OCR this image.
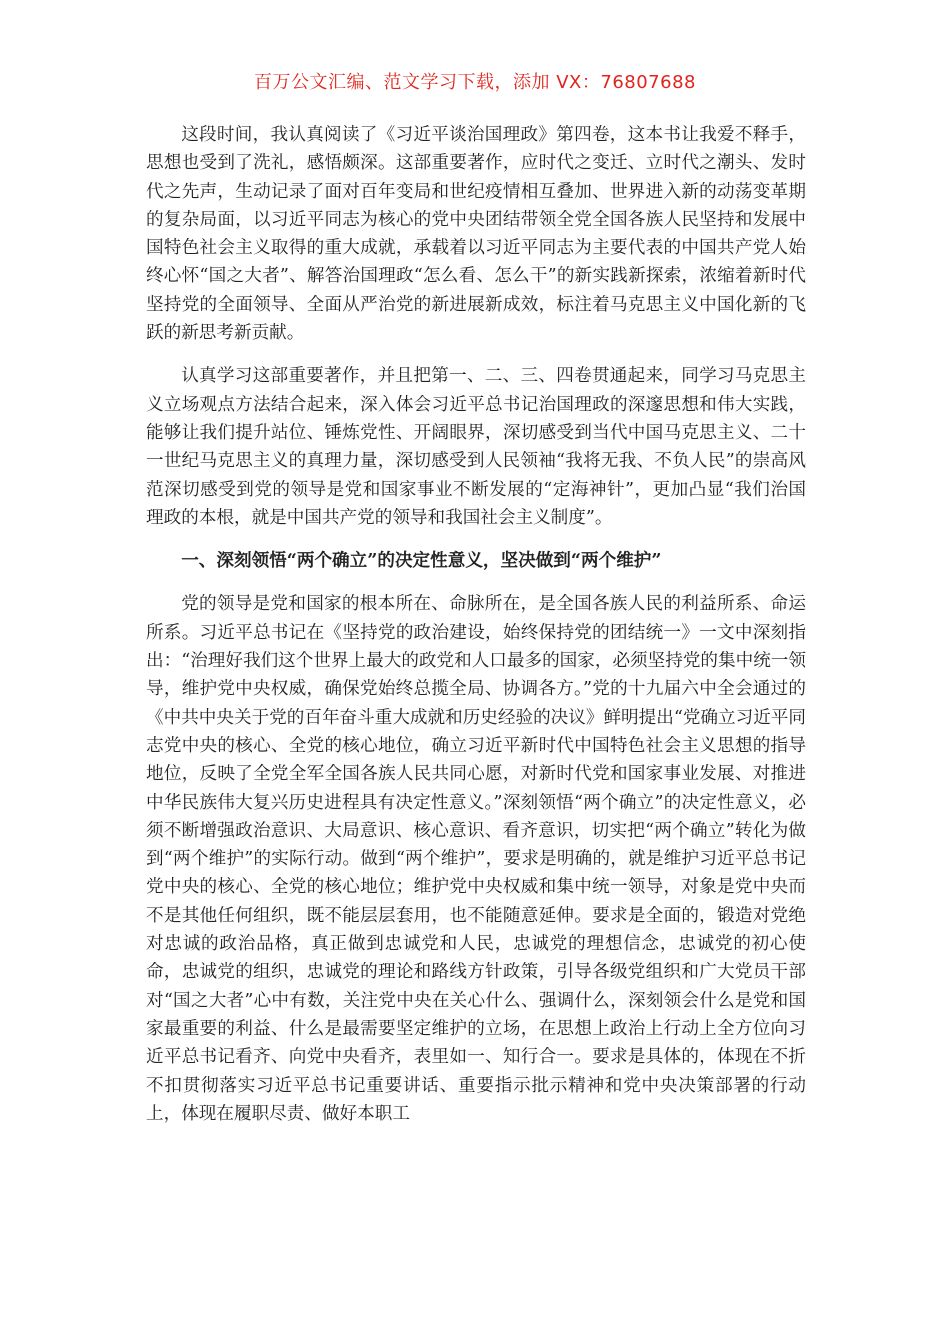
百万公文汇编、范文学习下载，添加 VX：76807688

这段时间，我认真阅读了《习近平谈治国理政》第四卷，这本书让我爱不释手，思想也受到了洗礼，感悟颇深。这部重要著作，应时代之变迁、立时代之潮头、发时代之先声，生动记录了面对百年变局和世纪疫情相互叠加、世界进入新的动荡变革期的复杂局面，以习近平同志为核心的党中央团结带领全党全国各族人民坚持和发展中国特色社会主义取得的重大成就，承载着以习近平同志为主要代表的中国共产党人始终心怀“国之大者”、解答治国理政“怎么看、怎么干”的新实践新探索，浓缩着新时代坚持党的全面领导、全面从严治党的新进展新成效，标注着马克思主义中国化新的飞跃的新思考新贡献。

认真学习这部重要著作，并且把第一、二、三、四卷贯通起来，同学习马克思主义立场观点方法结合起来，深入体会习近平总书记治国理政的深邃思想和伟大实践，能够让我们提升站位、锤炼党性、开阔眼界，深切感受到当代中国马克思主义、二十一世纪马克思主义的真理力量，深切感受到人民领袖“我将无我、不负人民”的崇高风范深切感受到党的领导是党和国家事业不断发展的“定海神针”，更加凸显“我们治国理政的本根，就是中国共产党的领导和我国社会主义制度”。

一、深刻领悟“两个确立”的决定性意义，坚决做到“两个维护”

党的领导是党和国家的根本所在、命脉所在，是全国各族人民的利益所系、命运所系。习近平总书记在《坚持党的政治建设，始终保持党的团结统一》一文中深刻指出：“治理好我们这个世界上最大的政党和人口最多的国家，必须坚持党的集中统一领导，维护党中央权威，确保党始终总揽全局、协调各方。”党的十九届六中全会通过的《中共中央关于党的百年奋斗重大成就和历史经验的决议》鲜明提出“党确立习近平同志党中央的核心、全党的核心地位，确立习近平新时代中国特色社会主义思想的指导地位，反映了全党全军全国各族人民共同心愿，对新时代党和国家事业发展、对推进中华民族伟大复兴历史进程具有决定性意义。”深刻领悟“两个确立”的决定性意义，必须不断增强政治意识、大局意识、核心意识、看齐意识，切实把“两个确立”转化为做到“两个维护”的实际行动。做到“两个维护”，要求是明确的，就是维护习近平总书记党中央的核心、全党的核心地位；维护党中央权威和集中统一领导，对象是党中央而不是其他任何组织，既不能层层套用，也不能随意延伸。要求是全面的，锻造对党绝对忠诚的政治品格，真正做到忠诚党和人民，忠诚党的理想信念，忠诚党的初心使命，忠诚党的组织，忠诚党的理论和路线方针政策，引导各级党组织和广大党员干部对“国之大者”心中有数，关注党中央在关心什么、强调什么，深刻领会什么是党和国家最重要的利益、什么是最需要坚定维护的立场，在思想上政治上行动上全方位向习近平总书记看齐、向党中央看齐，表里如一、知行合一。要求是具体的，体现在不折不扣贯彻落实习近平总书记重要讲话、重要指示批示精神和党中央决策部署的行动上，体现在履职尽责、做好本职工
